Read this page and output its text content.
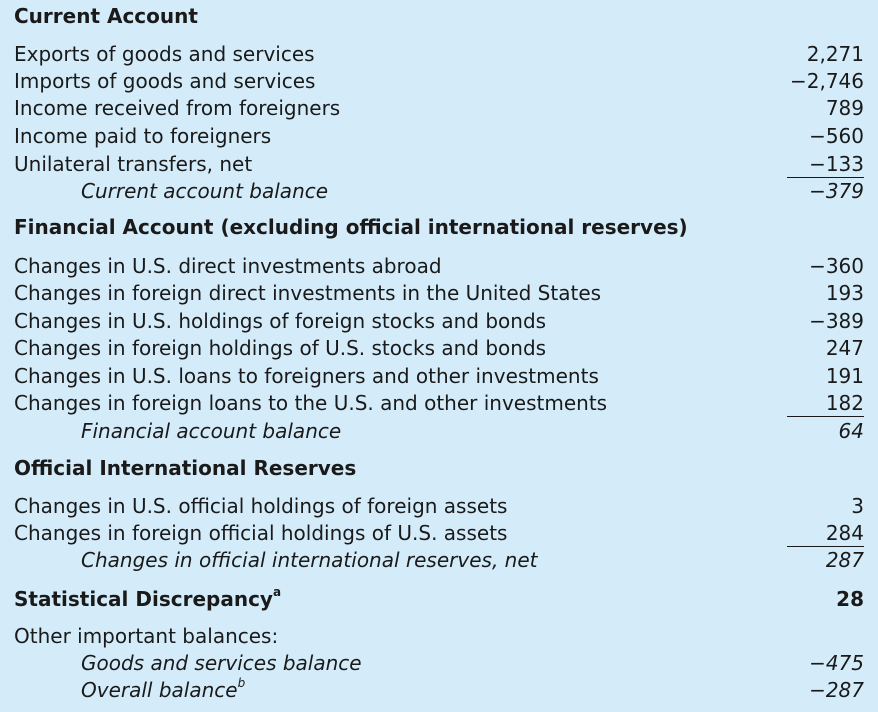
Current Account
Exports of goods and services	2,271
Imports of goods and services	−2,746
Income received from foreigners	789
Income paid to foreigners	−560
Unilateral transfers, net	−133
Current account balance	−379
Financial Account (excluding official international reserves)
Changes in U.S. direct investments abroad	−360
Changes in foreign direct investments in the United States	193
Changes in U.S. holdings of foreign stocks and bonds	−389
Changes in foreign holdings of U.S. stocks and bonds	247
Changes in U.S. loans to foreigners and other investments	191
Changes in foreign loans to the U.S. and other investments	182
Financial account balance	64
Official International Reserves
Changes in U.S. official holdings of foreign assets	3
Changes in foreign official holdings of U.S. assets	284
Changes in official international reserves, net	287
Statistical Discrepancy$^a$	28
Other important balances:
Goods and services balance	−475
Overall balance$^b$	−287
